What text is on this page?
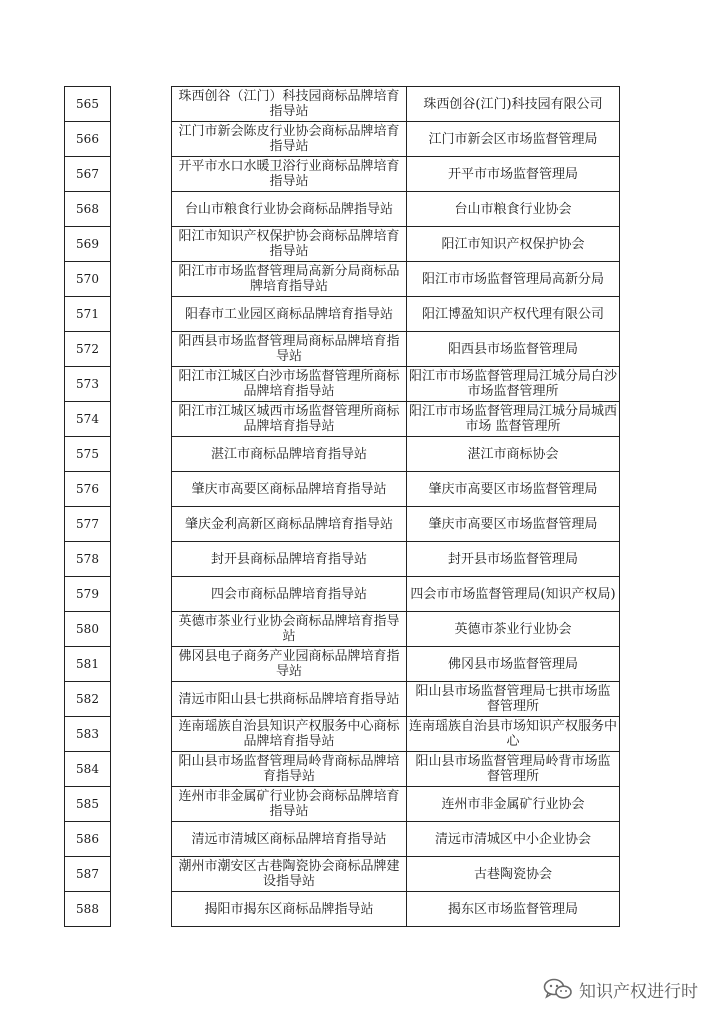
565		珠西创谷（江门）科技园商标品牌培育指导站	珠西创谷(江门)科技园有限公司
566		江门市新会陈皮行业协会商标品牌培育指导站	江门市新会区市场监督管理局
567		开平市水口水暖卫浴行业商标品牌培育指导站	开平市市场监督管理局
568		台山市粮食行业协会商标品牌指导站	台山市粮食行业协会
569		阳江市知识产权保护协会商标品牌培育指导站	阳江市知识产权保护协会
570		阳江市市场监督管理局高新分局商标品牌培育指导站	阳江市市场监督管理局高新分局
571		阳春市工业园区商标品牌培育指导站	阳江博盈知识产权代理有限公司
572		阳西县市场监督管理局商标品牌培育指导站	阳西县市场监督管理局
573		阳江市江城区白沙市场监督管理所商标品牌培育指导站	阳江市市场监督管理局江城分局白沙市场监督管理所
574		阳江市江城区城西市场监督管理所商标品牌培育指导站	阳江市市场监督管理局江城分局城西市场 监督管理所
575		湛江市商标品牌培育指导站	湛江市商标协会
576		肇庆市高要区商标品牌培育指导站	肇庆市高要区市场监督管理局
577		肇庆金利高新区商标品牌培育指导站	肇庆市高要区市场监督管理局
578		封开县商标品牌培育指导站	封开县市场监督管理局
579		四会市商标品牌培育指导站	四会市市场监督管理局(知识产权局)
580		英德市茶业行业协会商标品牌培育指导站	英德市茶业行业协会
581		佛冈县电子商务产业园商标品牌培育指导站	佛冈县市场监督管理局
582		清远市阳山县七拱商标品牌培育指导站	阳山县市场监督管理局七拱市场监 督管理所
583		连南瑶族自治县知识产权服务中心商标品牌培育指导站	连南瑶族自治县市场知识产权服务中心
584		阳山县市场监督管理局岭背商标品牌培育指导站	阳山县市场监督管理局岭背市场监 督管理所
585		连州市非金属矿行业协会商标品牌培育指导站	连州市非金属矿行业协会
586		清远市清城区商标品牌培育指导站	清远市清城区中小企业协会
587		潮州市潮安区古巷陶瓷协会商标品牌建设指导站	古巷陶瓷协会
588		揭阳市揭东区商标品牌指导站	揭东区市场监督管理局
知识产权进行时
